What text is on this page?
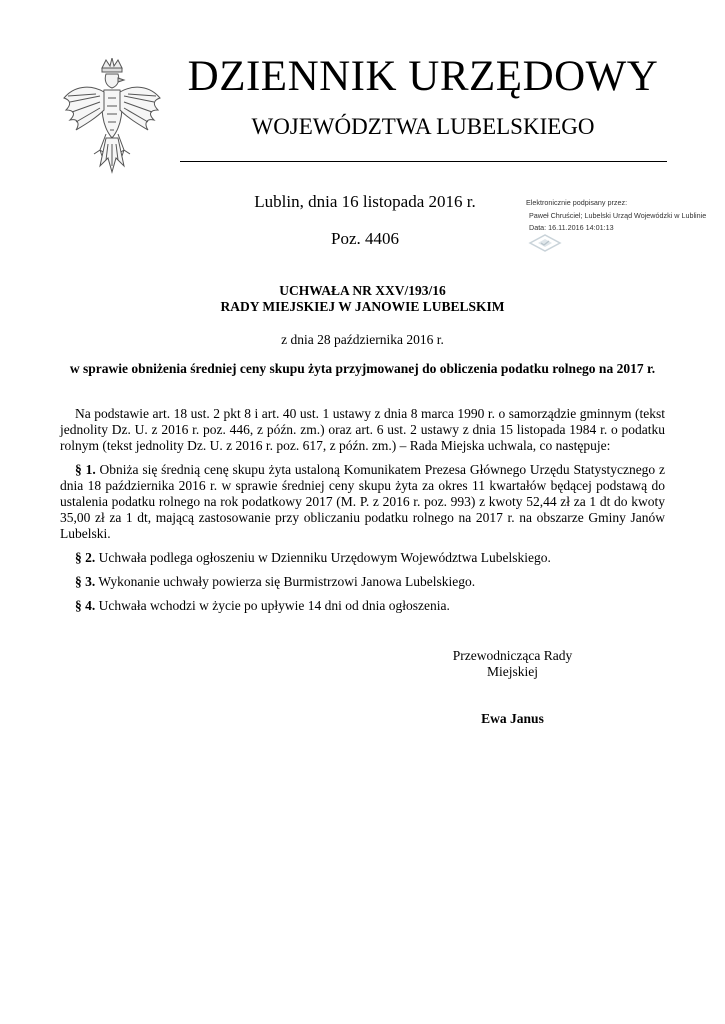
DZIENNIK URZĘDOWY
WOJEWÓDZTWA LUBELSKIEGO
Lublin, dnia 16 listopada 2016 r.
Poz. 4406
Elektronicznie podpisany przez:
Paweł Chruściel; Lubelski Urząd Wojewódzki w Lublinie
Data: 16.11.2016 14:01:13
UCHWAŁA NR XXV/193/16
RADY MIEJSKIEJ W JANOWIE LUBELSKIM
z dnia 28 października 2016 r.
w sprawie obniżenia średniej ceny skupu żyta przyjmowanej do obliczenia podatku rolnego na 2017 r.

Na podstawie art. 18 ust. 2 pkt 8 i art. 40 ust. 1 ustawy z dnia 8 marca 1990 r. o samorządzie gminnym (tekst jednolity Dz. U. z 2016 r. poz. 446, z późn. zm.) oraz art. 6 ust. 2 ustawy z dnia 15 listopada 1984 r. o podatku rolnym (tekst jednolity Dz. U. z 2016 r. poz. 617, z późn. zm.) – Rada Miejska uchwala, co następuje:

§ 1. Obniża się średnią cenę skupu żyta ustaloną Komunikatem Prezesa Głównego Urzędu Statystycznego z dnia 18 października 2016 r. w sprawie średniej ceny skupu żyta za okres 11 kwartałów będącej podstawą do ustalenia podatku rolnego na rok podatkowy 2017 (M. P. z 2016 r. poz. 993) z kwoty 52,44 zł za 1 dt do kwoty 35,00 zł za 1 dt, mającą zastosowanie przy obliczaniu podatku rolnego na 2017 r. na obszarze Gminy Janów Lubelski.

§ 2. Uchwała podlega ogłoszeniu w Dzienniku Urzędowym Województwa Lubelskiego.

§ 3. Wykonanie uchwały powierza się Burmistrzowi Janowa Lubelskiego.

§ 4. Uchwała wchodzi w życie po upływie 14 dni od dnia ogłoszenia.

Przewodnicząca Rady
Miejskiej
Ewa Janus
